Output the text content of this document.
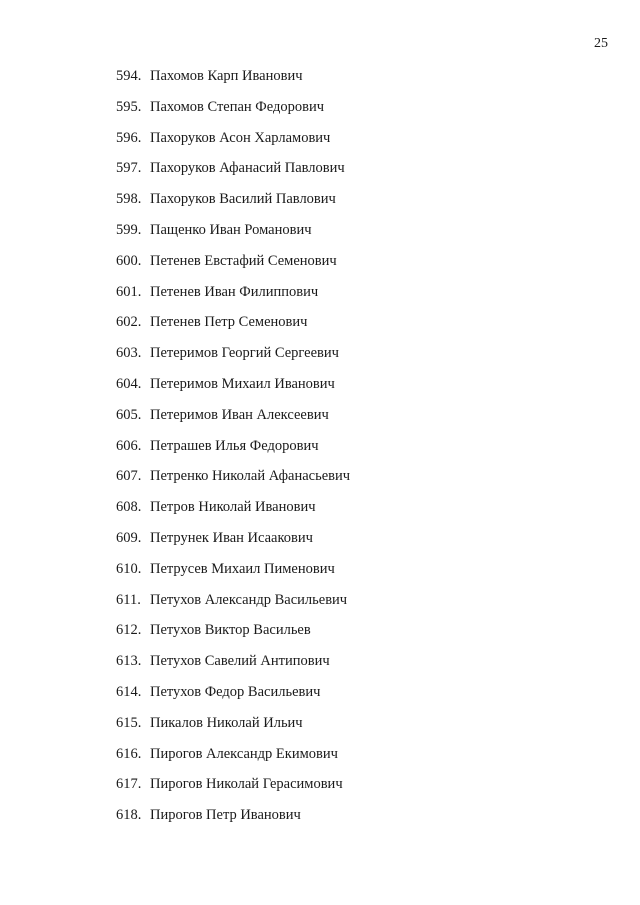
25
594. Пахомов Карп Иванович
595. Пахомов Степан Федорович
596. Пахоруков Асон Харламович
597. Пахоруков Афанасий Павлович
598. Пахоруков Василий Павлович
599. Пащенко Иван Романович
600. Петенев Евстафий Семенович
601. Петенев Иван Филиппович
602. Петенев Петр Семенович
603. Петеримов Георгий Сергеевич
604. Петеримов Михаил Иванович
605. Петеримов Иван Алексеевич
606. Петрашев Илья Федорович
607. Петренко Николай Афанасьевич
608. Петров Николай Иванович
609. Петрунек Иван Исаакович
610. Петрусев Михаил Пименович
611. Петухов Александр Васильевич
612. Петухов Виктор Васильев
613. Петухов Савелий Антипович
614. Петухов Федор Васильевич
615. Пикалов Николай Ильич
616. Пирогов Александр Екимович
617. Пирогов Николай Герасимович
618. Пирогов Петр Иванович
